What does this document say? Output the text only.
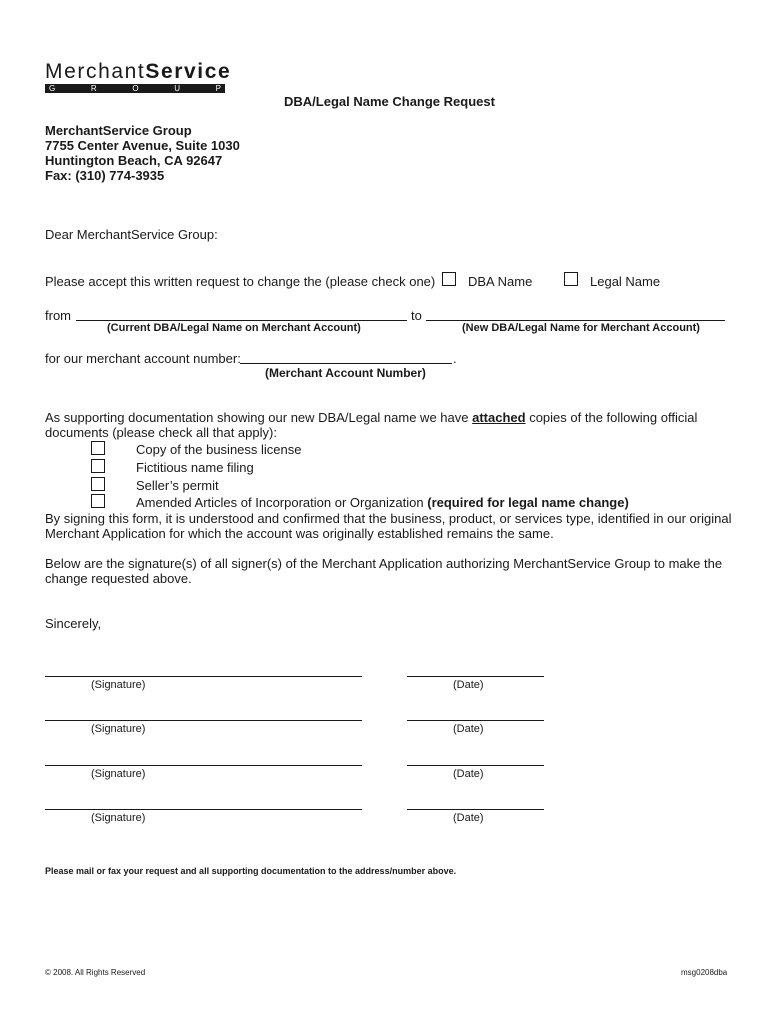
MerchantService
G	R	O	U	P
DBA/Legal Name Change Request
MerchantService Group
7755 Center Avenue, Suite 1030
Huntington Beach, CA 92647
Fax: (310) 774-3935
Dear MerchantService Group:
Please accept this written request to change the (please check one)	DBA Name	Legal Name
from	to
(Current DBA/Legal Name on Merchant Account)	(New DBA/Legal Name for Merchant Account)
for our merchant account number:	.
(Merchant Account Number)
As supporting documentation showing our new DBA/Legal name we have attached copies of the following official
documents (please check all that apply):
Copy of the business license
Fictitious name filing
Seller’s permit
Amended Articles of Incorporation or Organization (required for legal name change)
By signing this form, it is understood and confirmed that the business, product, or services type, identified in our original
Merchant Application for which the account was originally established remains the same.
Below are the signature(s) of all signer(s) of the Merchant Application authorizing MerchantService Group to make the
change requested above.
Sincerely,
(Signature)	(Date)
(Signature)	(Date)
(Signature)	(Date)
(Signature)	(Date)
Please mail or fax your request and all supporting documentation to the address/number above.
© 2008. All Rights Reserved	msg0208dba
